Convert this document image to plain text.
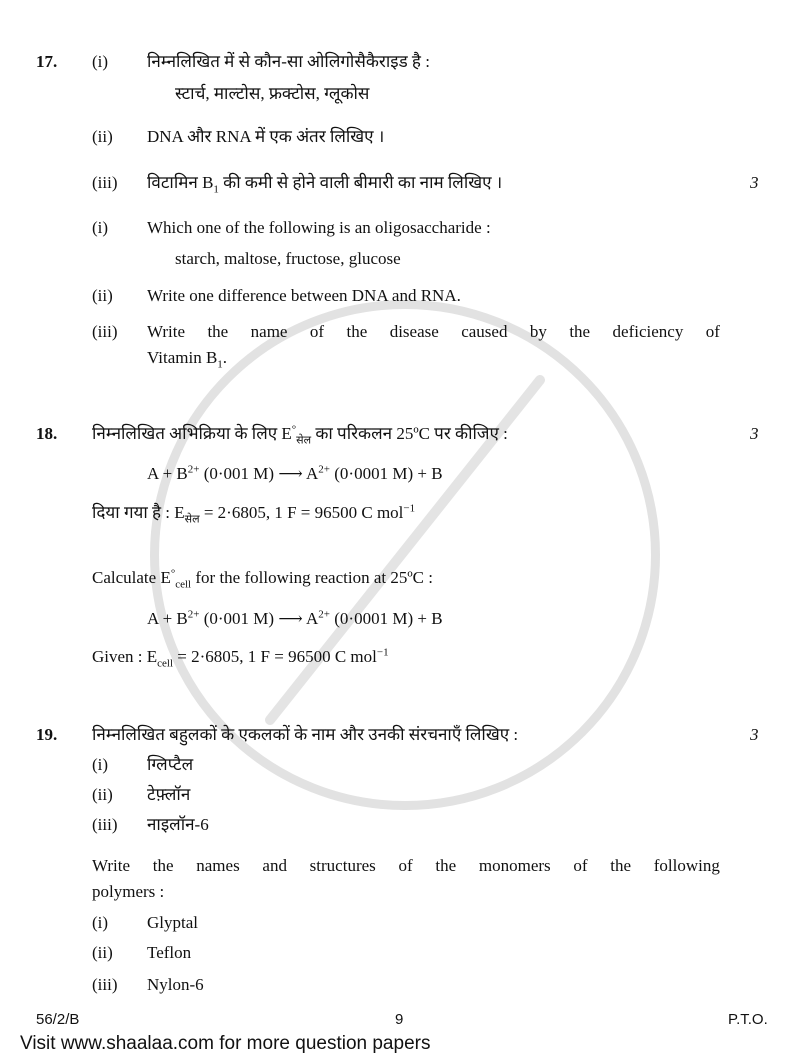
17. (i) निम्नलिखित में से कौन-सा ओलिगोसैकैराइड है :
स्टार्च, माल्टोस, फ्रक्टोस, ग्लूकोस
(ii) DNA और RNA में एक अंतर लिखिए ।
(iii) विटामिन $B_1$ की कमी से होने वाली बीमारी का नाम लिखिए ।	3
(i) Which one of the following is an oligosaccharide :
starch, maltose, fructose, glucose
(ii) Write one difference between DNA and RNA.
(iii) Write the name of the disease caused by the deficiency of
Vitamin $B_1$.
18. निम्नलिखित अभिक्रिया के लिए $E^\circ_{सेल}$ का परिकलन 25ºC पर कीजिए :	3
$A + B^{2+}$ (0·001 M) ⟶ $A^{2+}$ (0·0001 M) + B
दिया गया है : $E_{सेल} = 2\cdot 6805$, 1 F = 96500 C mol$^{-1}$
Calculate $E^\circ_{cell}$ for the following reaction at 25ºC :
$A + B^{2+}$ (0·001 M) ⟶ $A^{2+}$ (0·0001 M) + B
Given : $E_{cell} = 2\cdot 6805$, 1 F = 96500 C mol$^{-1}$
19. निम्नलिखित बहुलकों के एकलकों के नाम और उनकी संरचनाएँ लिखिए :	3
(i) ग्लिप्टैल
(ii) टेफ़्लॉन
(iii) नाइलॉन-6
Write the names and structures of the monomers of the following
polymers :
(i) Glyptal
(ii) Teflon
(iii) Nylon-6
56/2/B	9	P.T.O.
Visit www.shaalaa.com for more question papers
